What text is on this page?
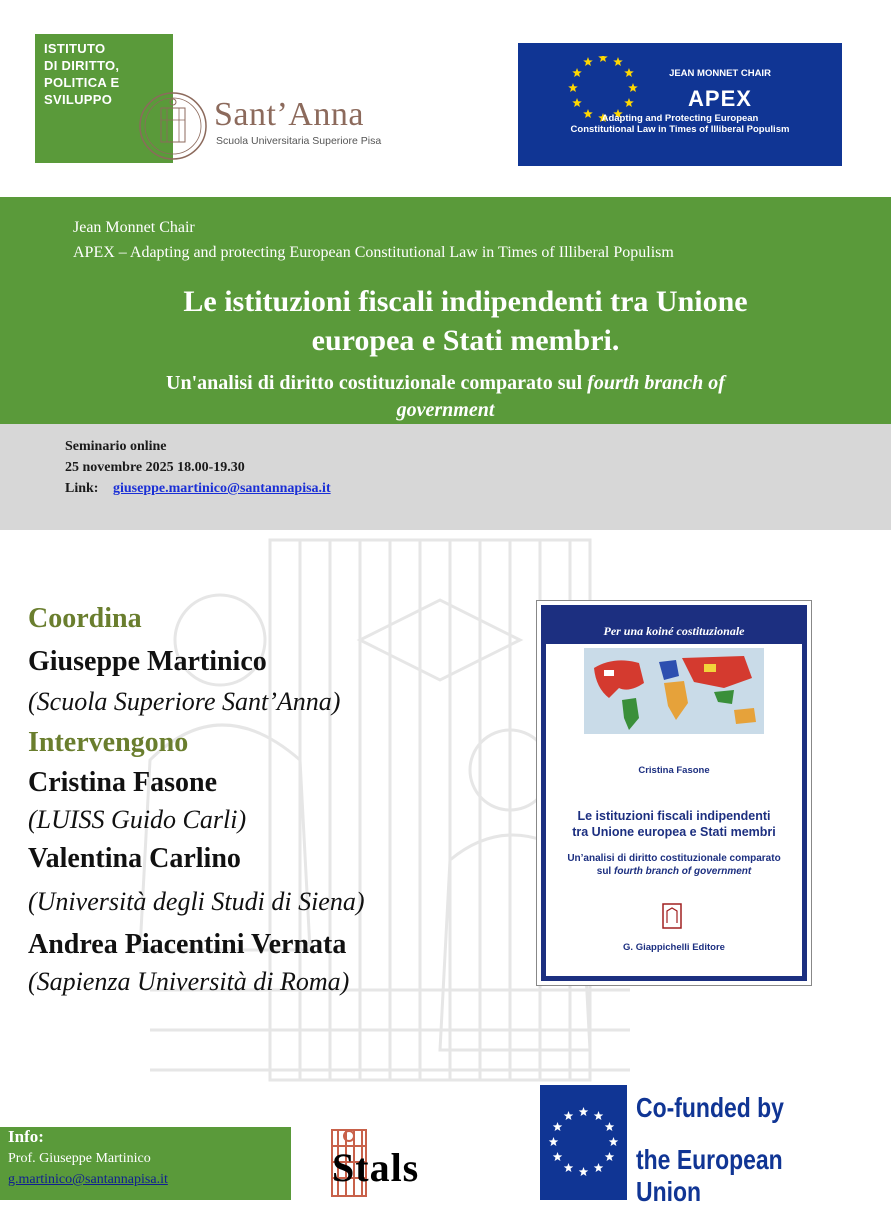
ISTITUTO
DI DIRITTO,
POLITICA E
SVILUPPO	Sant’Anna
Scuola Universitaria Superiore Pisa
JEAN MONNET CHAIR
APEX
Adapting and Protecting European Constitutional Law in Times of Illiberal Populism
Jean Monnet Chair
APEX – Adapting and protecting European Constitutional Law in Times of Illiberal Populism
Le istituzioni fiscali indipendenti tra Unione
europea e Stati membri.
Un'analisi di diritto costituzionale comparato sul fourth branch of
government
Seminario online
25 novembre 2025 18.00-19.30
Link: giuseppe.martinico@santannapisa.it
Coordina
Giuseppe Martinico
(Scuola Superiore Sant’Anna)
Intervengono
Cristina Fasone
(LUISS Guido Carli)
Valentina Carlino
(Università degli Studi di Siena)
Andrea Piacentini Vernata
(Sapienza Università di Roma)
Per una koiné costituzionale
Cristina Fasone
Le istituzioni fiscali indipendenti
tra Unione europea e Stati membri
Un’analisi di diritto costituzionale comparato
sul fourth branch of government
G. Giappichelli Editore
Info:
Prof. Giuseppe Martinico
g.martinico@santannapisa.it	Stals
Co-funded by
the European Union
